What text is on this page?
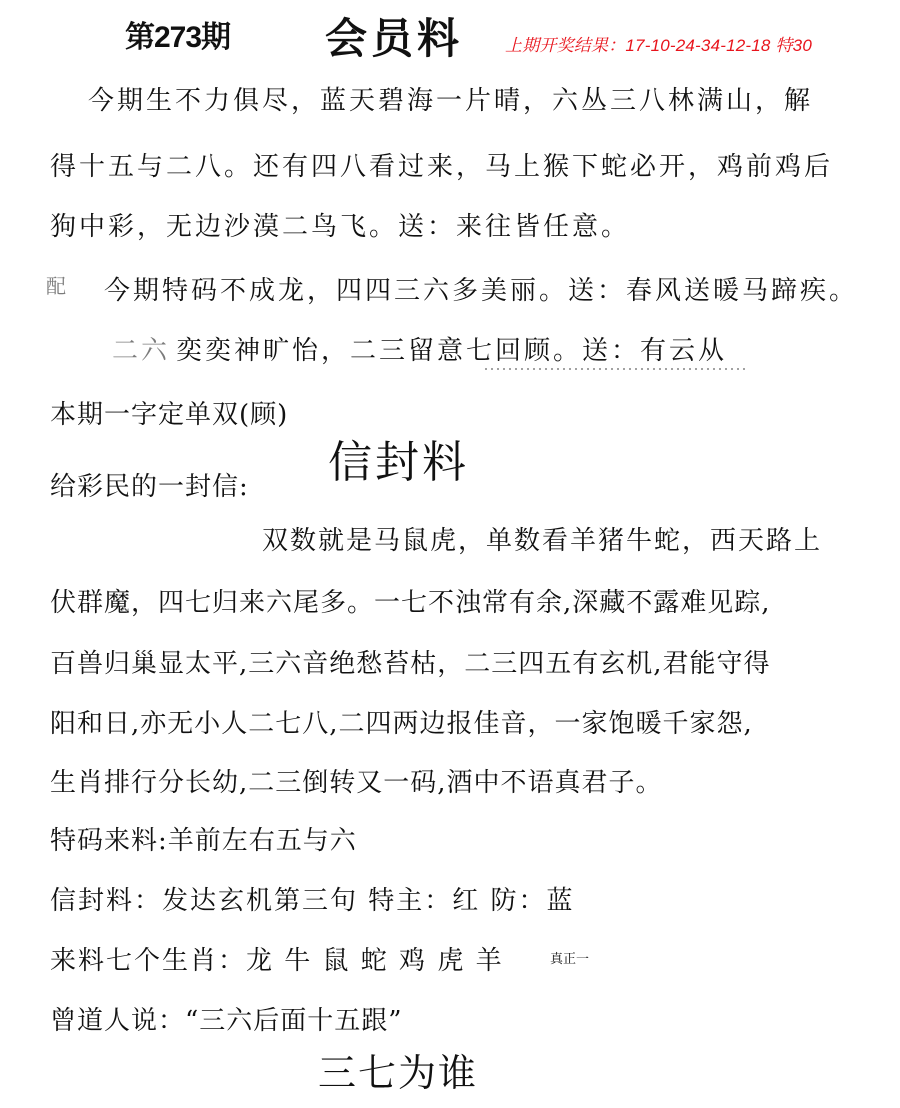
第273期 会员料 上期开奖结果：17-10-24-34-12-18 特30
今期生不力俱尽，蓝天碧海一片晴，六丛三八林满山，解
得十五与二八。还有四八看过来，马上猴下蛇必开，鸡前鸡后
狗中彩，无边沙漠二鸟飞。送：来往皆任意。
配 今期特码不成龙，四四三六多美丽。送：春风送暖马蹄疾。
二六 奕奕神旷怡，二三留意七回顾。送：有云从
本期一字定单双(顾)
信封料
给彩民的一封信:
双数就是马鼠虎，单数看羊猪牛蛇，西天路上
伏群魔，四七归来六尾多。一七不浊常有余,深藏不露难见踪,
百兽归巢显太平,三六音绝愁苔枯，二三四五有玄机,君能守得
阳和日,亦无小人二七八,二四两边报佳音，一家饱暖千家怨,
生肖排行分长幼,二三倒转又一码,酒中不语真君子。
特码来料:羊前左右五与六
信封料：发达玄机第三句 特主：红 防：蓝
来料七个生肖：龙 牛 鼠 蛇 鸡 虎 羊	真正一
曾道人说：“三六后面十五跟”
三七为谁
